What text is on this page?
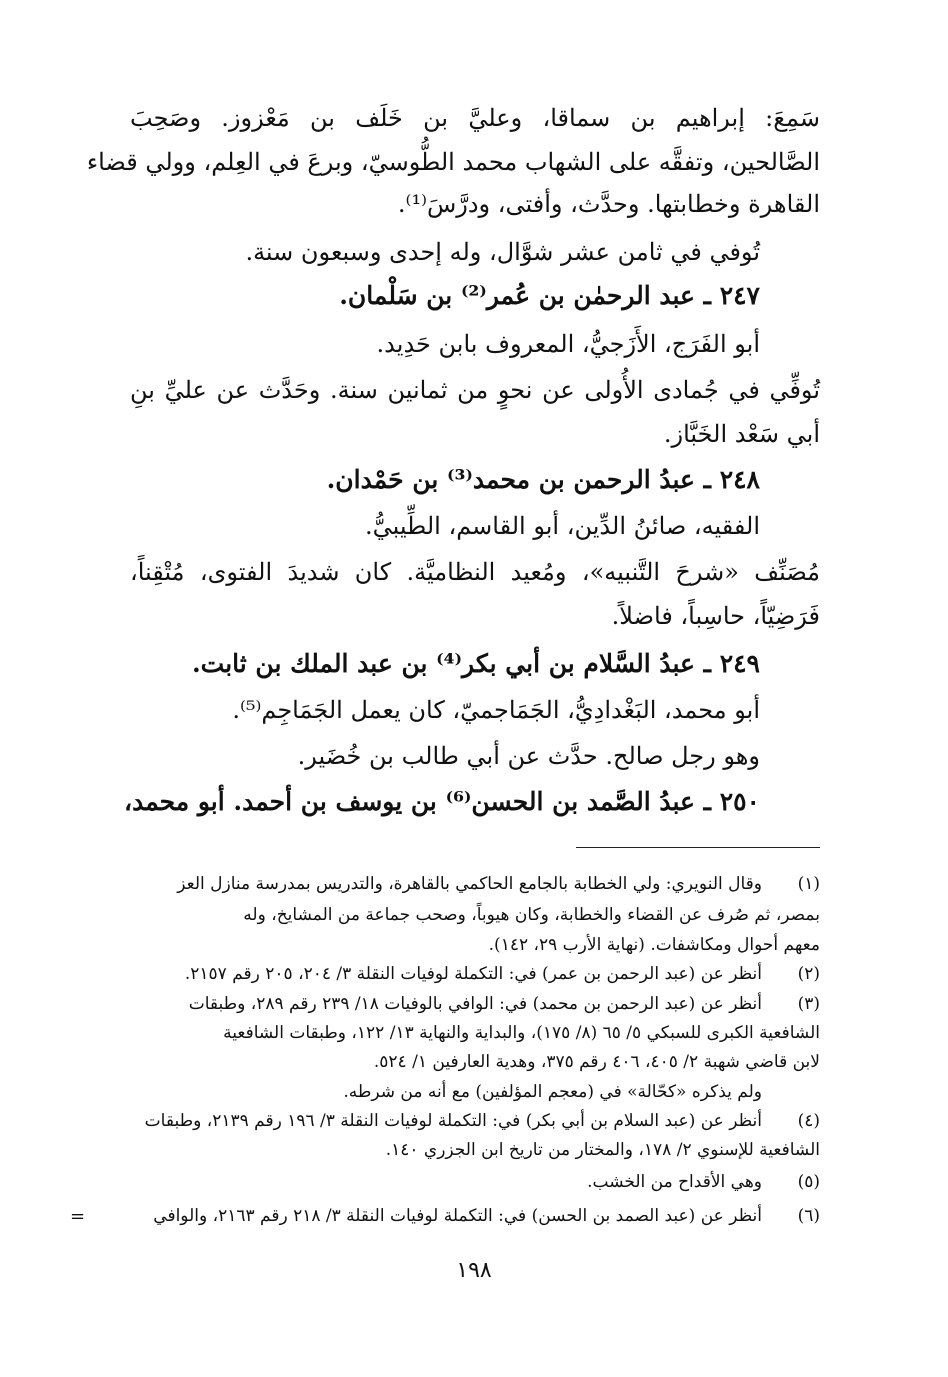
سَمِعَ: إبراهيم بن سماقا، وعليَّ بن خَلَف بن مَعْزوز. وصَحِبَ
الصَّالحين، وتفقَّه على الشهاب محمد الطُّوسيّ، وبرعَ في العِلم، وولي قضاء
القاهرة وخطابتها. وحدَّث، وأفتى، ودرَّسَ⁽¹⁾.
تُوفي في ثامن عشر شوَّال، وله إحدى وسبعون سنة.
٢٤٧ ـ عبد الرحمٰن بن عُمر⁽²⁾ بن سَلْمان.
أبو الفَرَج، الأَزَجيُّ، المعروف بابن حَدِيد.
تُوفِّي في جُمادى الأُولى عن نحوٍ من ثمانين سنة. وحَدَّث عن عليِّ بنِ
أبي سَعْد الخَبَّاز.
٢٤٨ ـ عبدُ الرحمن بن محمد⁽³⁾ بن حَمْدان.
الفقيه، صائنُ الدِّين، أبو القاسم، الطِّيبيُّ.
مُصَنِّف «شرحَ التَّنبيه»، ومُعيد النظاميَّة. كان شديدَ الفتوى، مُتْقِناً،
فَرَضِيّاً، حاسِباً، فاضلاً.
٢٤٩ ـ عبدُ السَّلام بن أبي بكر⁽⁴⁾ بن عبد الملك بن ثابت.
أبو محمد، البَغْدادِيُّ، الجَمَاجميّ، كان يعمل الجَمَاجِم⁽⁵⁾.
وهو رجل صالح. حدَّث عن أبي طالب بن خُضَير.
٢٥٠ ـ عبدُ الصَّمد بن الحسن⁽⁶⁾ بن يوسف بن أحمد. أبو محمد،
(١)
وقال النويري: ولي الخطابة بالجامع الحاكمي بالقاهرة، والتدريس بمدرسة منازل العز
بمصر، ثم صُرف عن القضاء والخطابة، وكان هيوباً، وصحب جماعة من المشايخ، وله
معهم أحوال ومكاشفات. (نهاية الأرب ٢٩، ١٤٢).
(٢)
أنظر عن (عبد الرحمن بن عمر) في: التكملة لوفيات النقلة ٣/ ٢٠٤، ٢٠٥ رقم ٢١٥٧.
(٣)
أنظر عن (عبد الرحمن بن محمد) في: الوافي بالوفيات ١٨/ ٢٣٩ رقم ٢٨٩، وطبقات
الشافعية الكبرى للسبكي ٥/ ٦٥ (٨/ ١٧٥)، والبداية والنهاية ١٣/ ١٢٢، وطبقات الشافعية
لابن قاضي شهبة ٢/ ٤٠٥، ٤٠٦ رقم ٣٧٥، وهدية العارفين ١/ ٥٢٤.
ولم يذكره «كحّالة» في (معجم المؤلفين) مع أنه من شرطه.
(٤)
أنظر عن (عبد السلام بن أبي بكر) في: التكملة لوفيات النقلة ٣/ ١٩٦ رقم ٢١٣٩، وطبقات
الشافعية للإسنوي ٢/ ١٧٨، والمختار من تاريخ ابن الجزري ١٤٠.
(٥)
وهي الأقداح من الخشب.
(٦)
أنظر عن (عبد الصمد بن الحسن) في: التكملة لوفيات النقلة ٣/ ٢١٨ رقم ٢١٦٣، والوافي
=
١٩٨
